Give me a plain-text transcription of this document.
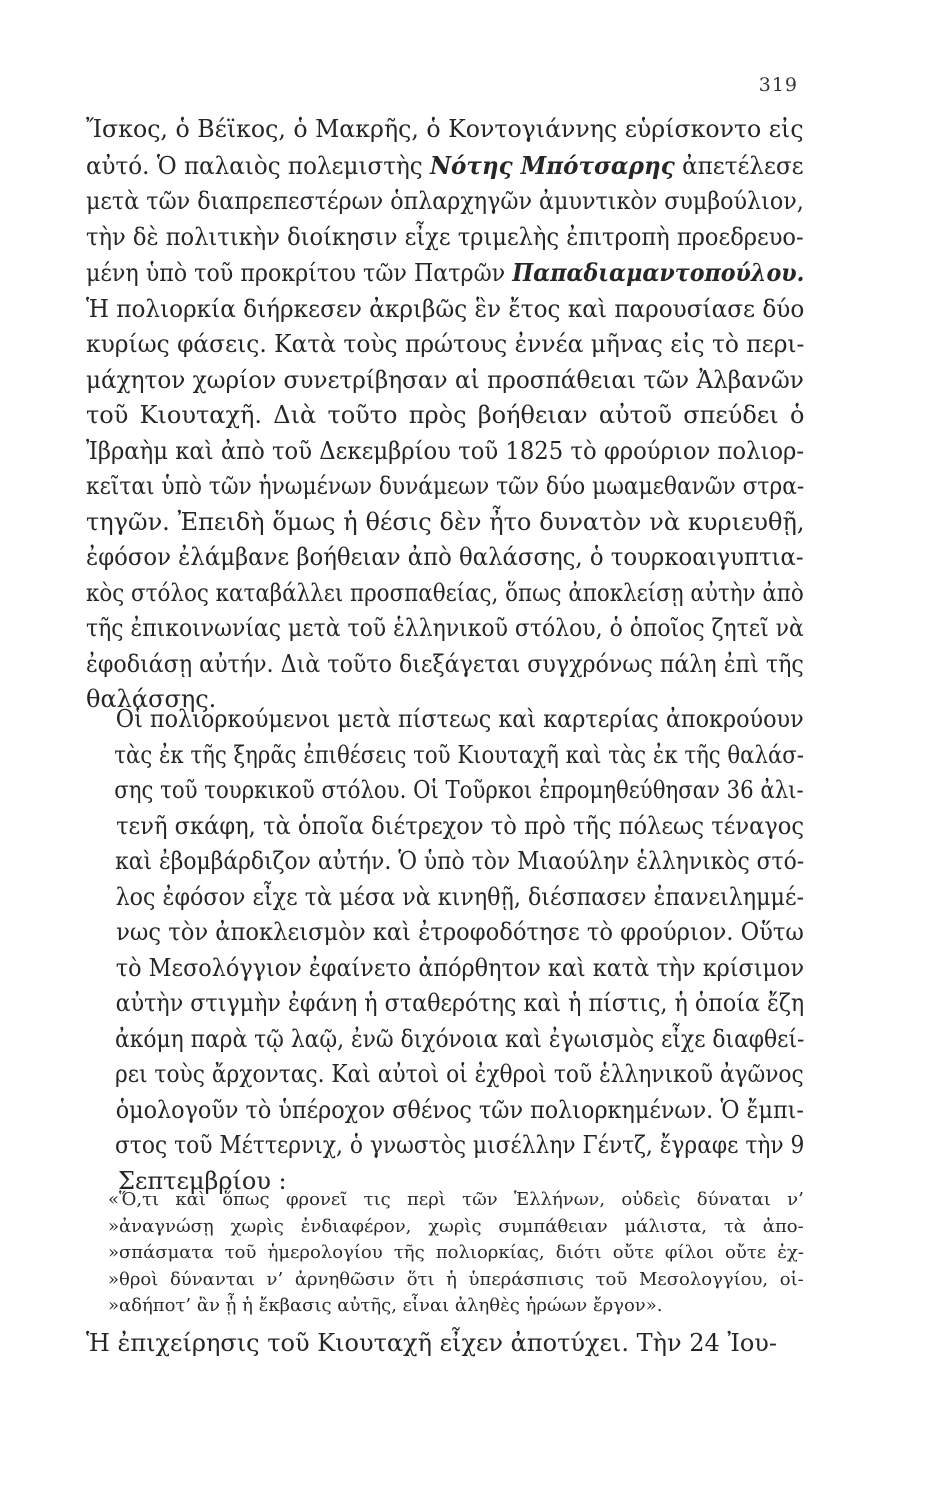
319
Ἴσκος, ὁ Βέϊκος, ὁ Μακρῆς, ὁ Κοντογιάννης εὑρίσκοντο εἰς
αὐτό. Ὁ παλαιὸς πολεμιστὴς Νότης Μπότσαρης ἀπετέλεσε
μετὰ τῶν διαπρεπεστέρων ὁπλαρχηγῶν ἀμυντικὸν συμβούλιον,
τὴν δὲ πολιτικὴν διοίκησιν εἶχε τριμελὴς ἐπιτροπὴ προεδρευο-
μένη ὑπὸ τοῦ προκρίτου τῶν Πατρῶν Παπαδιαμαντοπούλου.
Ἡ πολιορκία διήρκεσεν ἀκριβῶς ἓν ἔτος καὶ παρουσίασε δύο
κυρίως φάσεις. Κατὰ τοὺς πρώτους ἐννέα μῆνας εἰς τὸ περι-
μάχητον χωρίον συνετρίβησαν αἱ προσπάθειαι τῶν Ἀλβανῶν
τοῦ Κιουταχῆ. Διὰ τοῦτο πρὸς βοήθειαν αὐτοῦ σπεύδει ὁ
Ἰβραὴμ καὶ ἀπὸ τοῦ Δεκεμβρίου τοῦ 1825 τὸ φρούριον πολιορ-
κεῖται ὑπὸ τῶν ἡνωμένων δυνάμεων τῶν δύο μωαμεθανῶν στρα-
τηγῶν. Ἐπειδὴ ὅμως ἡ θέσις δὲν ἦτο δυνατὸν νὰ κυριευθῇ,
ἐφόσον ἐλάμβανε βοήθειαν ἀπὸ θαλάσσης, ὁ τουρκοαιγυπτια-
κὸς στόλος καταβάλλει προσπαθείας, ὅπως ἀποκλείσῃ αὐτὴν ἀπὸ
τῆς ἐπικοινωνίας μετὰ τοῦ ἑλληνικοῦ στόλου, ὁ ὁποῖος ζητεῖ νὰ
ἐφοδιάσῃ αὐτήν. Διὰ τοῦτο διεξάγεται συγχρόνως πάλη ἐπὶ τῆς
θαλάσσης.
Οἱ πολιορκούμενοι μετὰ πίστεως καὶ καρτερίας ἀποκρούουν
τὰς ἐκ τῆς ξηρᾶς ἐπιθέσεις τοῦ Κιουταχῆ καὶ τὰς ἐκ τῆς θαλάσ-
σης τοῦ τουρκικοῦ στόλου. Οἱ Τοῦρκοι ἐπρομηθεύθησαν 36 ἀλι-
τενῆ σκάφη, τὰ ὁποῖα διέτρεχον τὸ πρὸ τῆς πόλεως τέναγος
καὶ ἐβομβάρδιζον αὐτήν. Ὁ ὑπὸ τὸν Μιαούλην ἑλληνικὸς στό-
λος ἐφόσον εἶχε τὰ μέσα νὰ κινηθῇ, διέσπασεν ἐπανειλημμέ-
νως τὸν ἀποκλεισμὸν καὶ ἐτροφοδότησε τὸ φρούριον. Οὕτω
τὸ Μεσολόγγιον ἐφαίνετο ἀπόρθητον καὶ κατὰ τὴν κρίσιμον
αὐτὴν στιγμὴν ἐφάνη ἡ σταθερότης καὶ ἡ πίστις, ἡ ὁποία ἔζη
ἀκόμη παρὰ τῷ λαῷ, ἐνῶ διχόνοια καὶ ἐγωισμὸς εἶχε διαφθεί-
ρει τοὺς ἄρχοντας. Καὶ αὐτοὶ οἱ ἐχθροὶ τοῦ ἑλληνικοῦ ἀγῶνος
ὁμολογοῦν τὸ ὑπέροχον σθένος τῶν πολιορκημένων. Ὁ ἔμπι-
στος τοῦ Μέττερνιχ, ὁ γνωστὸς μισέλλην Γέντζ, ἔγραφε τὴν 9
Σεπτεμβρίου :
«Ὅ,τι καὶ ὅπως φρονεῖ τις περὶ τῶν Ἑλλήνων, οὐδεὶς δύναται ν’
»ἀναγνώσῃ χωρὶς ἐνδιαφέρον, χωρὶς συμπάθειαν μάλιστα, τὰ ἀπο-
»σπάσματα τοῦ ἡμερολογίου τῆς πολιορκίας, διότι οὔτε φίλοι οὔτε ἐχ-
»θροὶ δύνανται ν’ ἀρνηθῶσιν ὅτι ἡ ὑπεράσπισις τοῦ Μεσολογγίου, οἱ-
»αδήποτ’ ἂν ᾖ ἡ ἔκβασις αὐτῆς, εἶναι ἀληθὲς ἡρώων ἔργον».
Ἡ ἐπιχείρησις τοῦ Κιουταχῆ εἶχεν ἀποτύχει. Τὴν 24 Ἰου-
